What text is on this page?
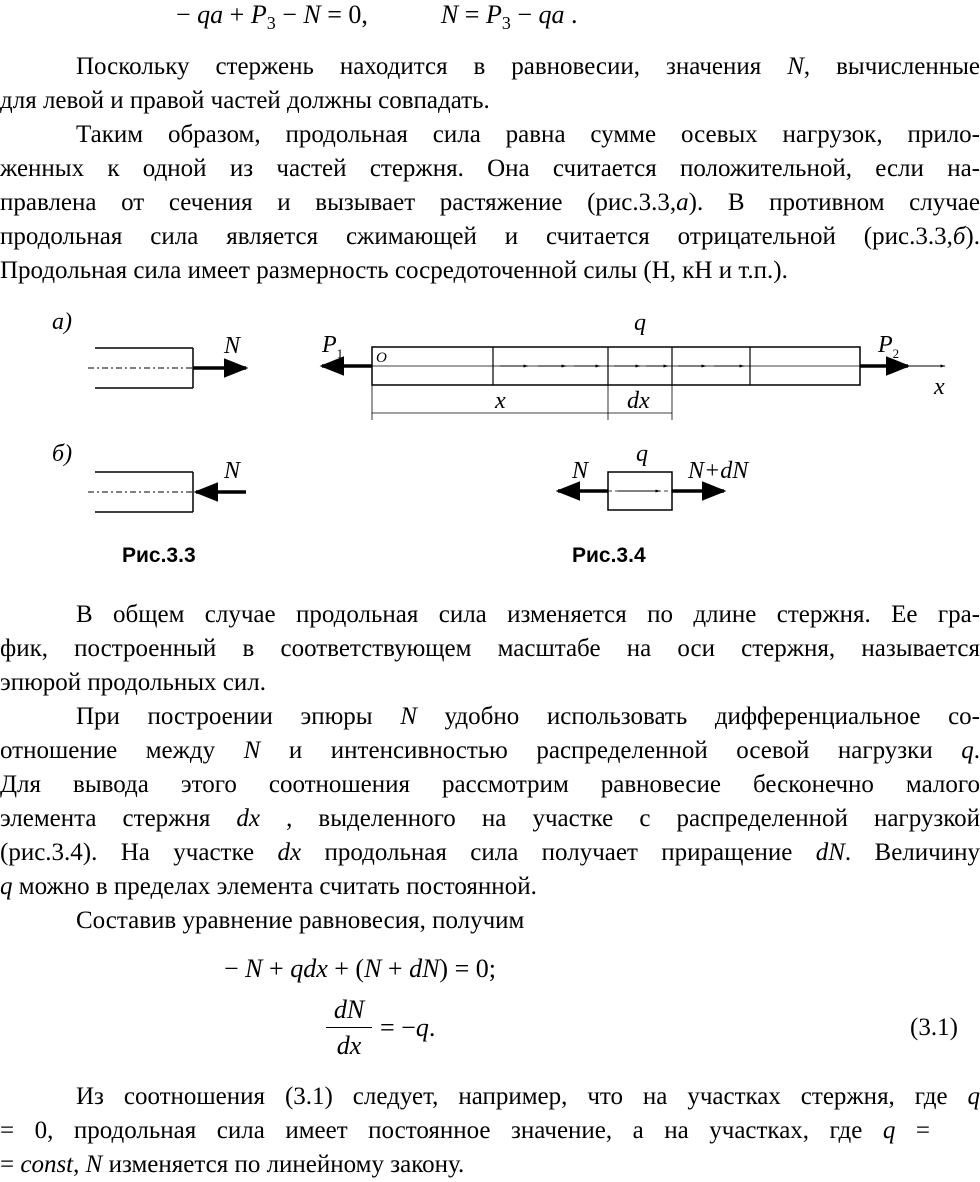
− qa + $P_3 - N = 0$,	$N = P_3$ − qa .
Поскольку стержень находится в равновесии, значения N, вычисленные
для левой и правой частей должны совпадать.
Таким образом, продольная сила равна сумме осевых нагрузок, прило-
женных к одной из частей стержня. Она считается положительной, если на-
правлена от сечения и вызывает растяжение (рис.3.3,а). В противном случае
продольная сила является сжимающей и считается отрицательной (рис.3.3,б).
Продольная сила имеет размерность сосредоточенной силы (Н, кН и т.п.).
а)
б)
N
N
q
O
$P_1$	$P_2$
x
x	dx
N
q
N+dN
Рис.3.3	Рис.3.4
В общем случае продольная сила изменяется по длине стержня. Ее гра-
фик, построенный в соответствующем масштабе на оси стержня, называется
эпюрой продольных сил.
При построении эпюры N удобно использовать дифференциальное со-
отношение между N и интенсивностью распределенной осевой нагрузки q.
Для вывода этого соотношения рассмотрим равновесие бесконечно малого
элемента стержня dx , выделенного на участке с распределенной нагрузкой
(рис.3.4). На участке dx продольная сила получает приращение dN. Величину
q можно в пределах элемента считать постоянной.
Составив уравнение равновесия, получим
− N + qdx + (N + dN) = 0;
dN
dx
= −q.	(3.1)
Из соотношения (3.1) следует, например, что на участках стержня, где q
= 0, продольная сила имеет постоянное значение, а на участках, где q =
= const, N изменяется по линейному закону.
